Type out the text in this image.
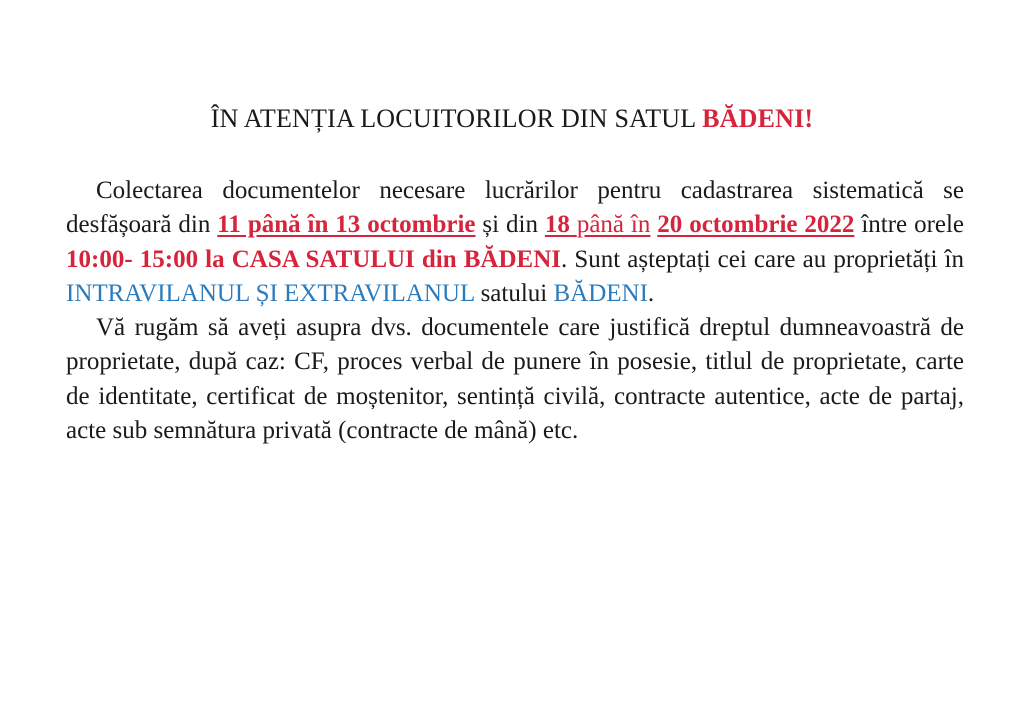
ÎN ATENȚIA LOCUITORILOR DIN SATUL BĂDENI!

Colectarea documentelor necesare lucrărilor pentru cadastrarea sistematică se desfășoară din 11 până în 13 octombrie și din 18 până în 20 octombrie 2022 între orele 10:00- 15:00 la CASA SATULUI din BĂDENI. Sunt așteptați cei care au proprietăți în INTRAVILANUL ȘI EXTRAVILANUL satului BĂDENI.

Vă rugăm să aveți asupra dvs. documentele care justifică dreptul dumneavoastră de proprietate, după caz: CF, proces verbal de punere în posesie, titlul de proprietate, carte de identitate, certificat de moștenitor, sentință civilă, contracte autentice, acte de partaj, acte sub semnătura privată (contracte de mână) etc.
